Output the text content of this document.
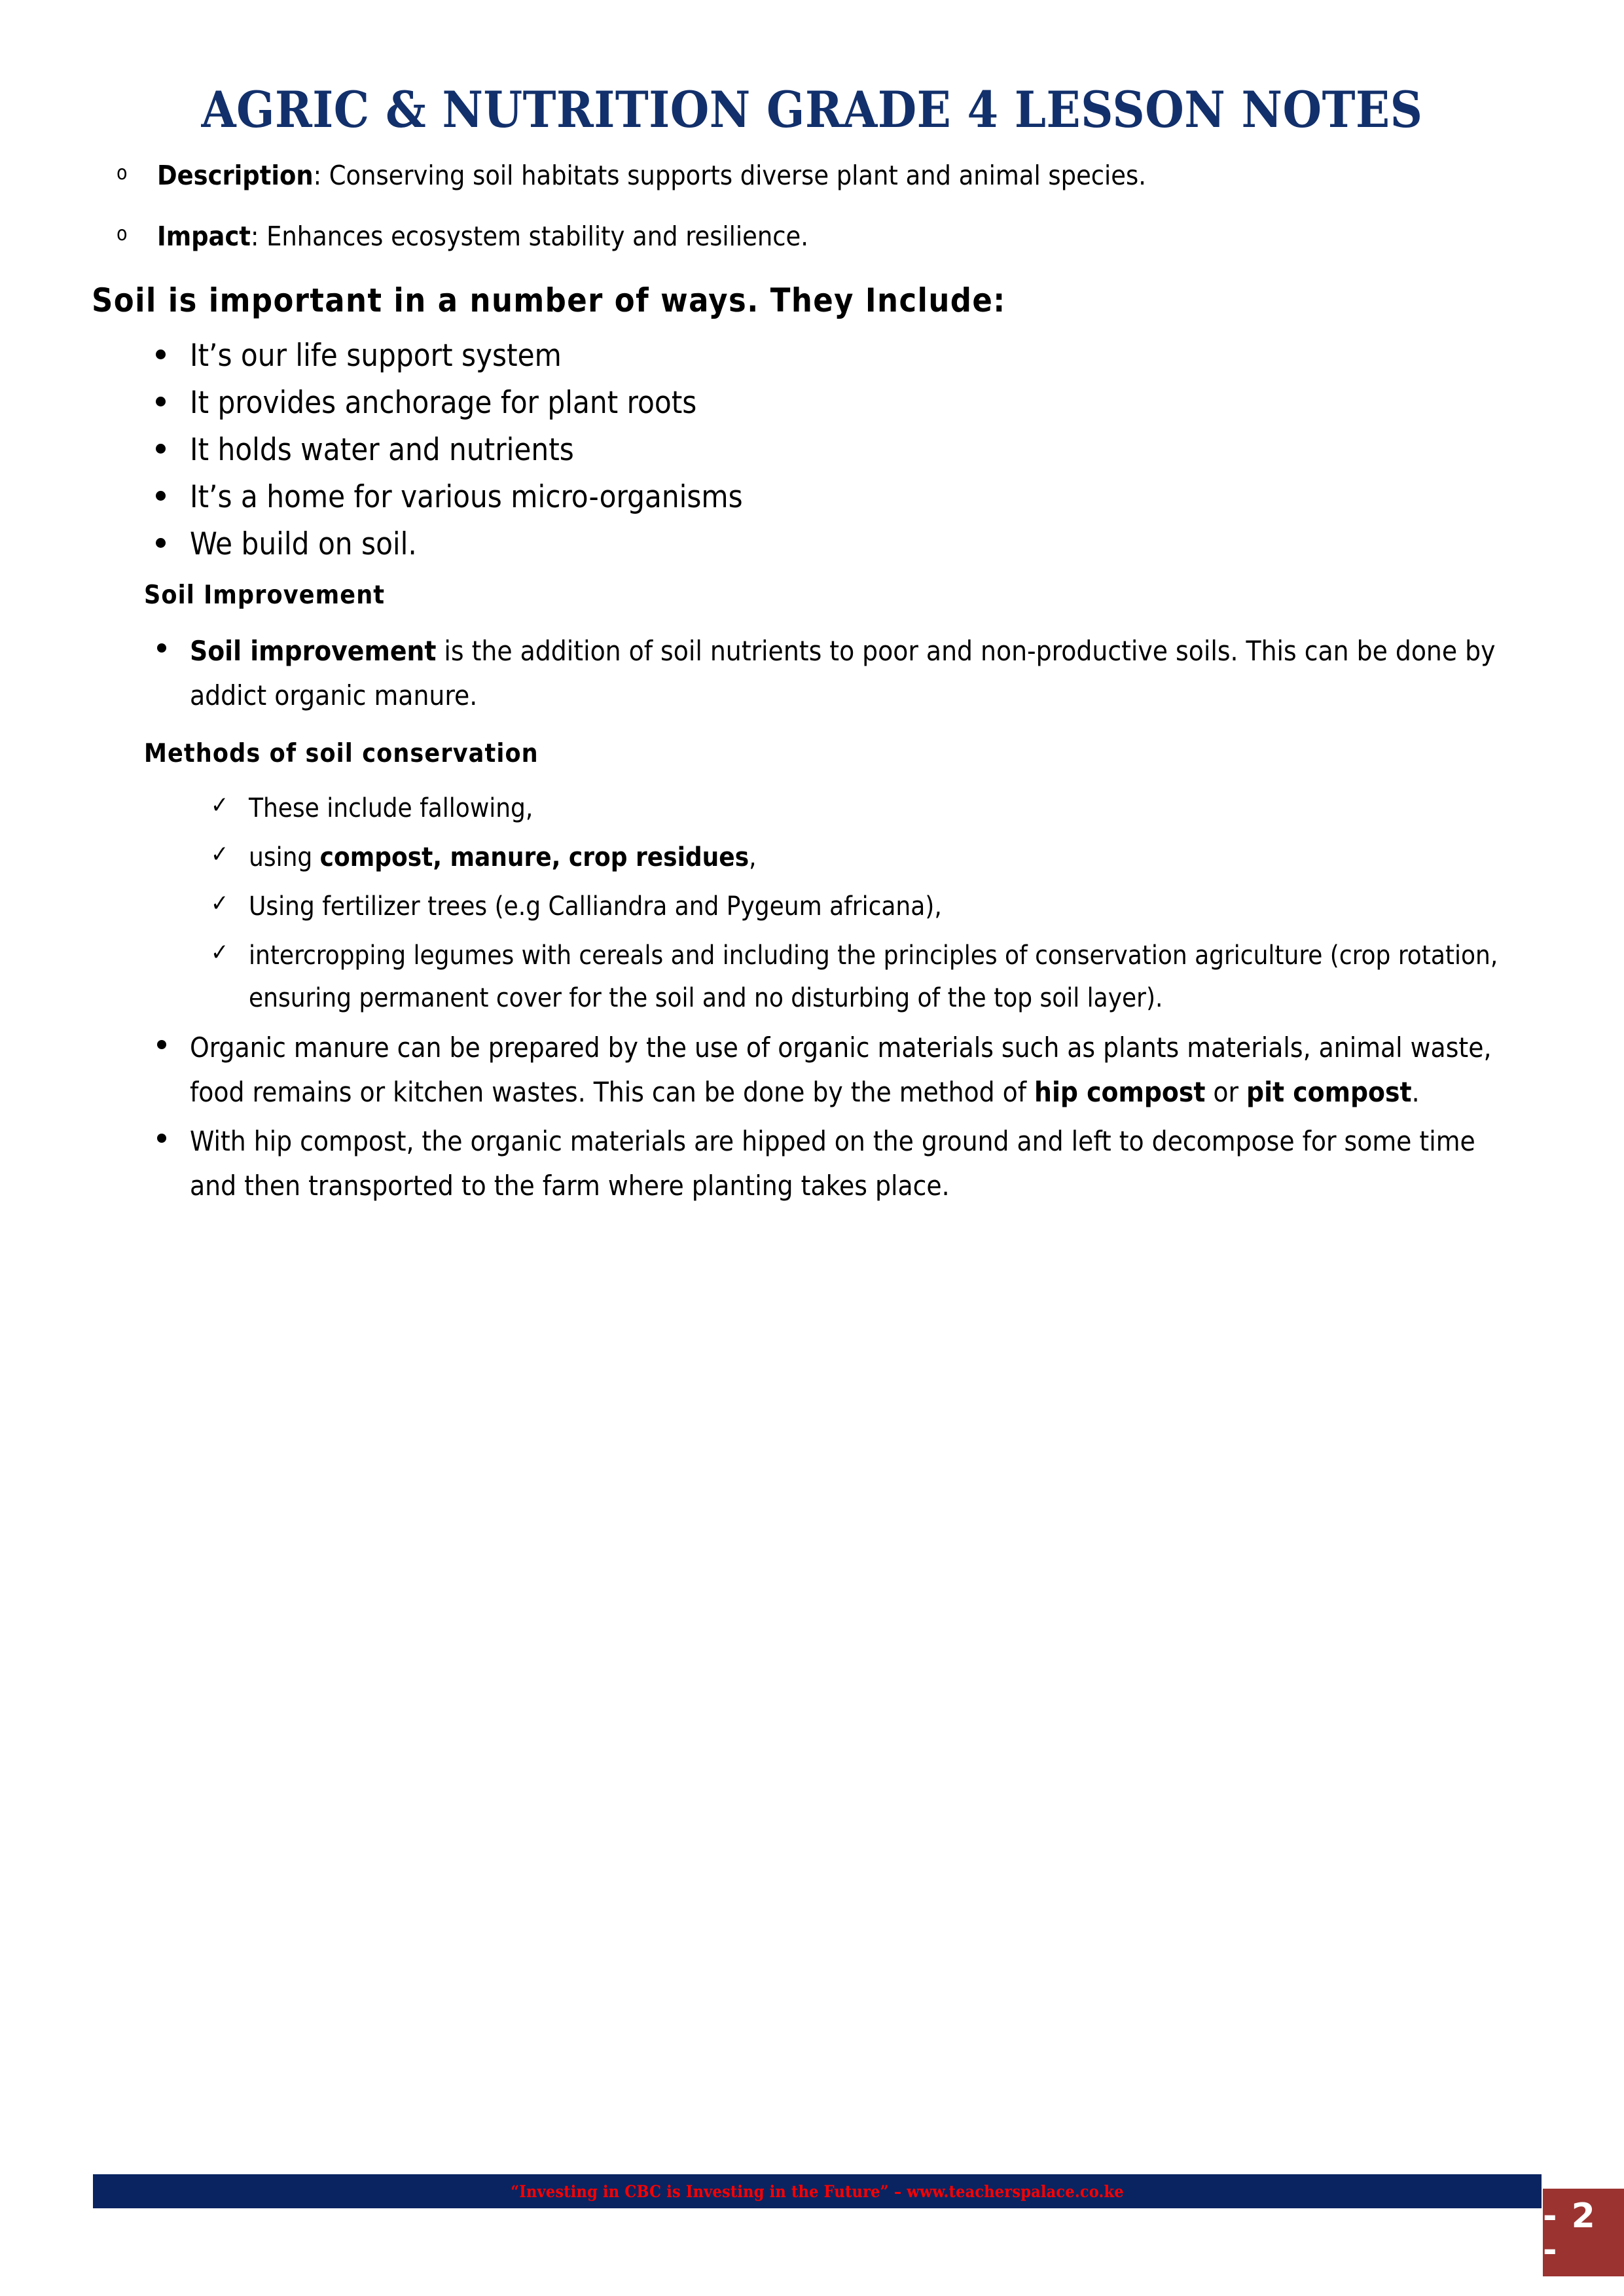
AGRIC & NUTRITION GRADE 4 LESSON NOTES
o Description: Conserving soil habitats supports diverse plant and animal species.
o Impact: Enhances ecosystem stability and resilience.
Soil is important in a number of ways. They Include:
It’s our life support system
It provides anchorage for plant roots
It holds water and nutrients
It’s a home for various micro-organisms
We build on soil.
Soil Improvement
Soil improvement is the addition of soil nutrients to poor and non-productive soils. This can be done by addict organic manure.
Methods of soil conservation
✓ These include fallowing,
✓ using compost, manure, crop residues,
✓ Using fertilizer trees (e.g Calliandra and Pygeum africana),
✓ intercropping legumes with cereals and including the principles of conservation agriculture (crop rotation, ensuring permanent cover for the soil and no disturbing of the top soil layer).
Organic manure can be prepared by the use of organic materials such as plants materials, animal waste, food remains or kitchen wastes. This can be done by the method of hip compost or pit compost.
With hip compost, the organic materials are hipped on the ground and left to decompose for some time and then transported to the farm where planting takes place.
“Investing in CBC is Investing in the Future” – www.teacherspalace.co.ke
- 2 -
